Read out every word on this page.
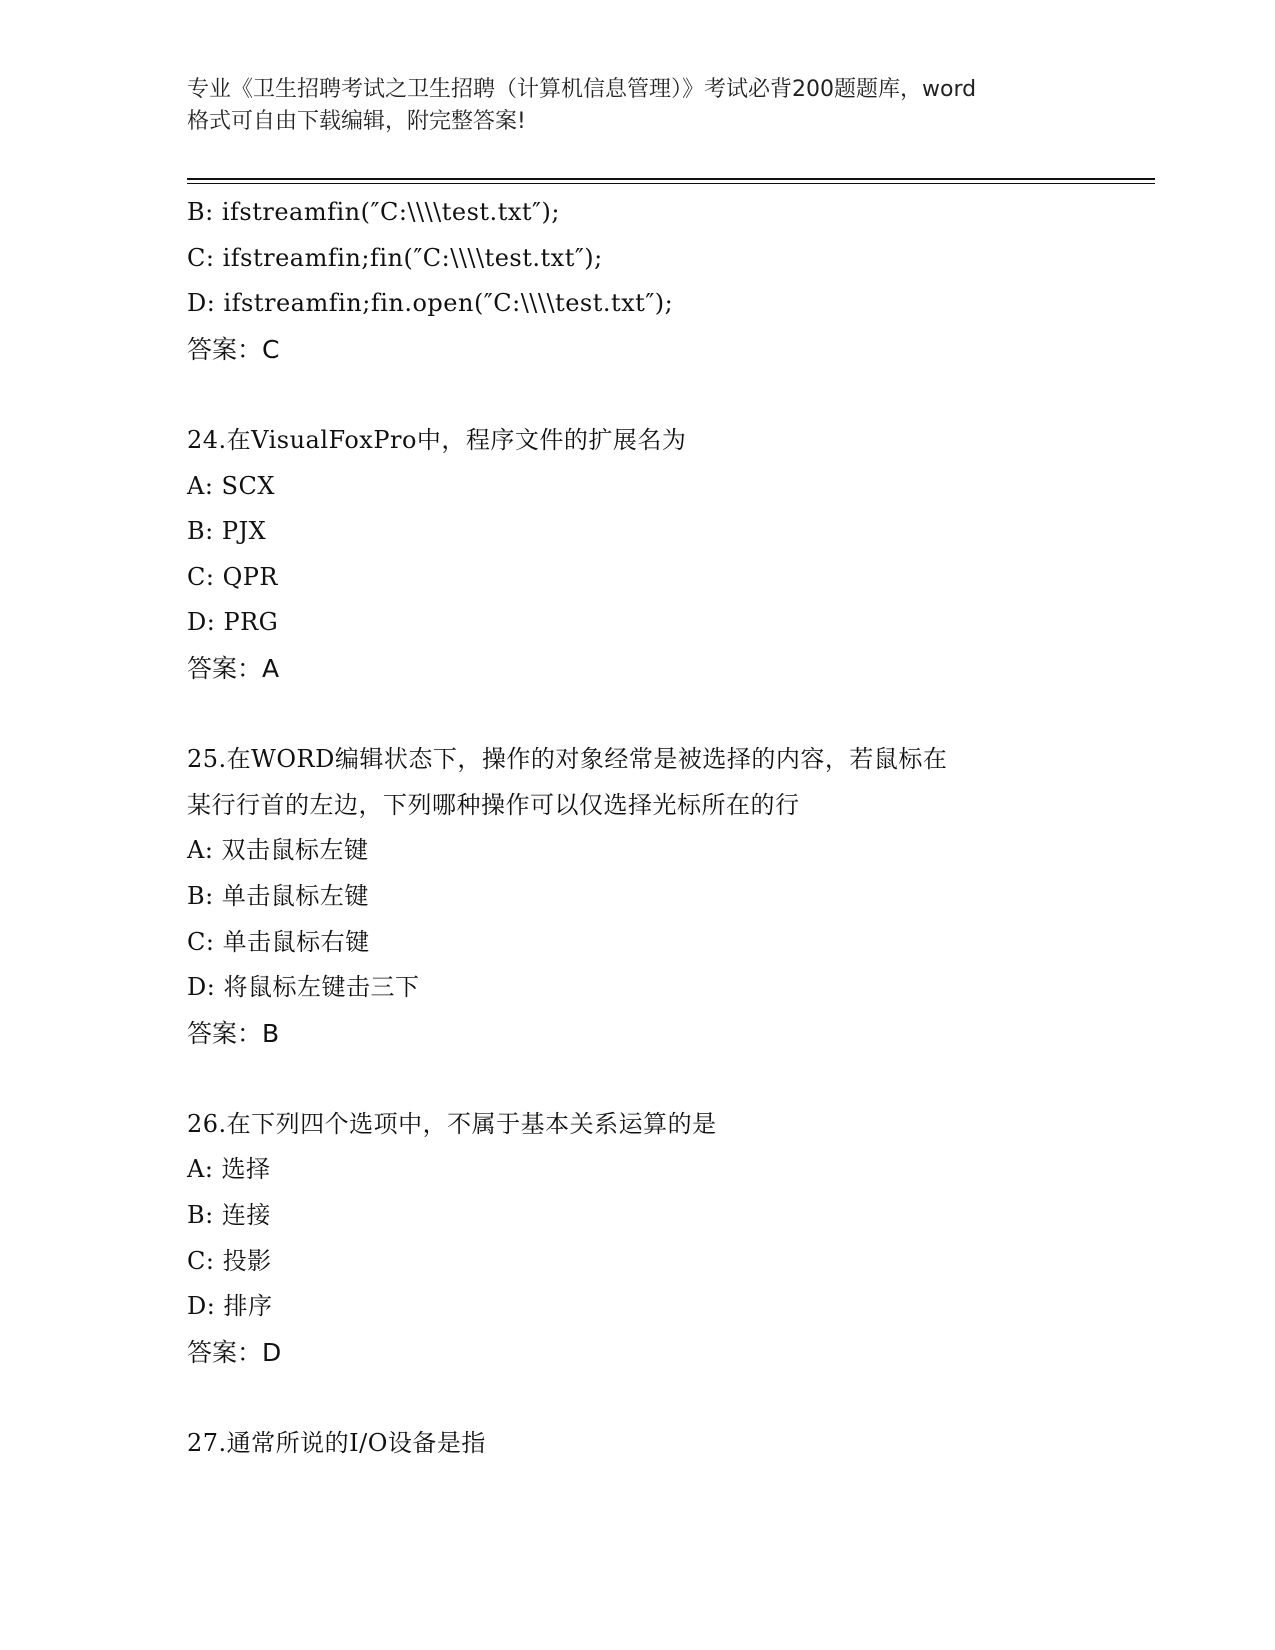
专业《卫生招聘考试之卫生招聘（计算机信息管理）》考试必背200题题库，word
格式可自由下载编辑，附完整答案!
B: ifstreamfin(″C:\\\\test.txt″);
C: ifstreamfin;fin(″C:\\\\test.txt″);
D: ifstreamfin;fin.open(″C:\\\\test.txt″);
答案：C
24.在VisualFoxPro中，程序文件的扩展名为
A: SCX
B: PJX
C: QPR
D: PRG
答案：A
25.在WORD编辑状态下，操作的对象经常是被选择的内容，若鼠标在
某行行首的左边，下列哪种操作可以仅选择光标所在的行
A: 双击鼠标左键
B: 单击鼠标左键
C: 单击鼠标右键
D: 将鼠标左键击三下
答案：B
26.在下列四个选项中，不属于基本关系运算的是
A: 选择
B: 连接
C: 投影
D: 排序
答案：D
27.通常所说的I/O设备是指
